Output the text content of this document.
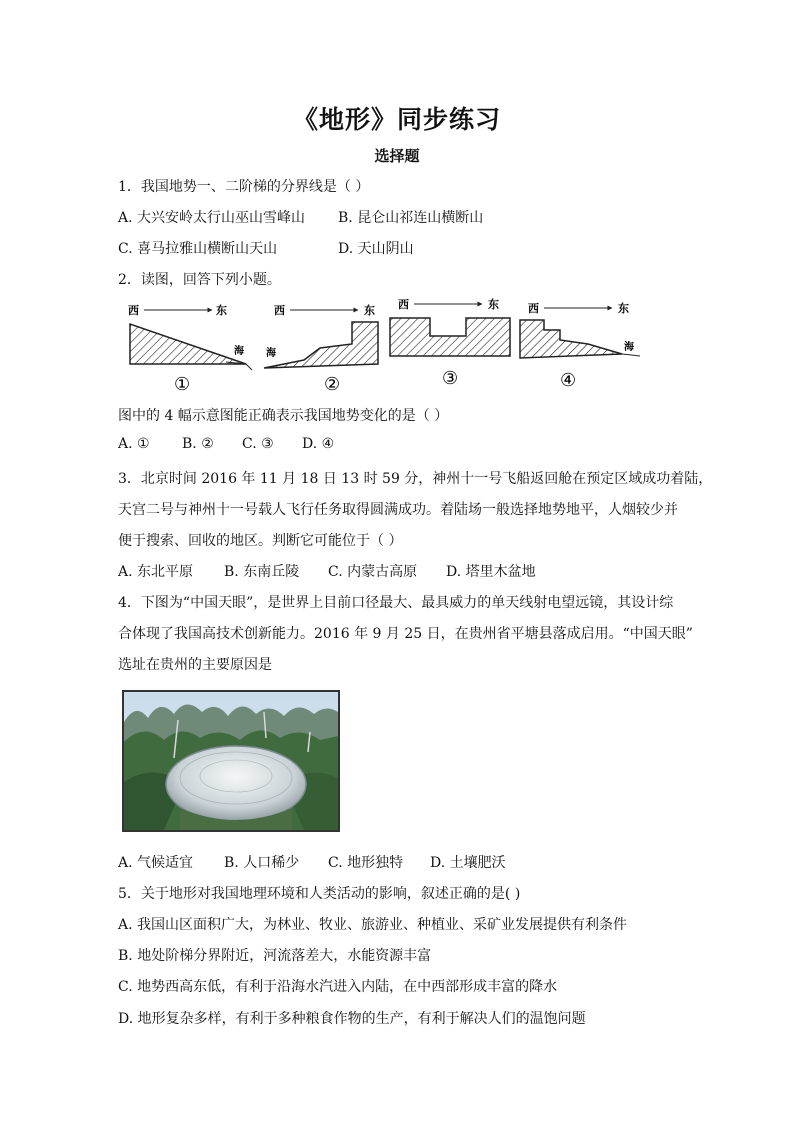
《地形》同步练习
选择题
1．我国地势一、二阶梯的分界线是（ ）
A. 大兴安岭太行山巫山雪峰山 B. 昆仑山祁连山横断山
C. 喜马拉雅山横断山天山	D. 天山阴山
2．读图，回答下列小题。
西	东
海
①
西	东
海
②
西	东
③
西	东
海
④
图中的 4 幅示意图能正确表示我国地势变化的是（ ）
A. ① B. ② C. ③ D. ④
3．北京时间 2016 年 11 月 18 日 13 时 59 分，神州十一号飞船返回舱在预定区域成功着陆，
天宫二号与神州十一号载人飞行任务取得圆满成功。着陆场一般选择地势地平，人烟较少并
便于搜索、回收的地区。判断它可能位于（ ）
A. 东北平原 B. 东南丘陵 C. 内蒙古高原 D. 塔里木盆地
4．下图为“中国天眼”，是世界上目前口径最大、最具威力的单天线射电望远镜，其设计综
合体现了我国高技术创新能力。2016 年 9 月 25 日，在贵州省平塘县落成启用。“中国天眼”
选址在贵州的主要原因是
A. 气候适宜 B. 人口稀少 C. 地形独特 D. 土壤肥沃
5．关于地形对我国地理环境和人类活动的影响，叙述正确的是( )
A. 我国山区面积广大，为林业、牧业、旅游业、种植业、采矿业发展提供有利条件
B. 地处阶梯分界附近，河流落差大，水能资源丰富
C. 地势西高东低，有利于沿海水汽进入内陆，在中西部形成丰富的降水
D. 地形复杂多样，有利于多种粮食作物的生产，有利于解决人们的温饱问题
